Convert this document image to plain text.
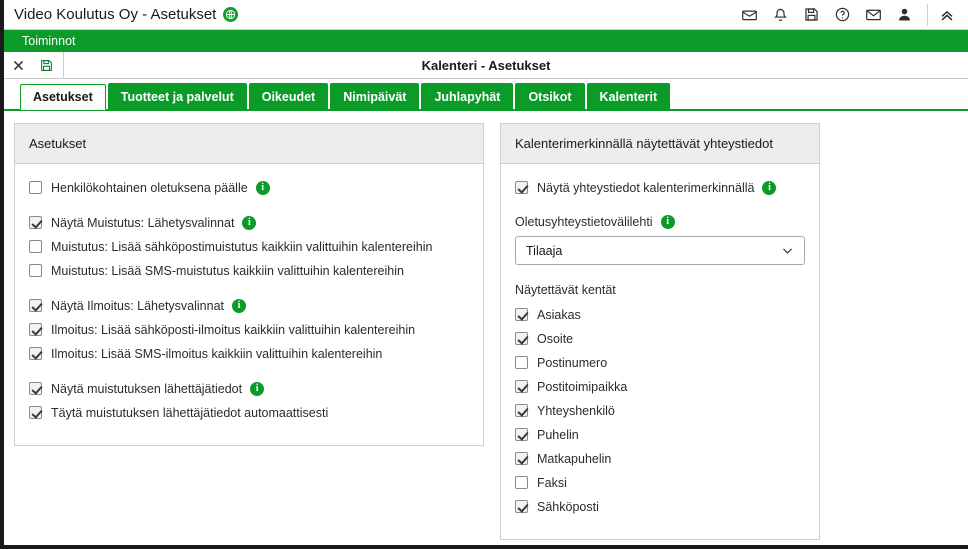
Video Koulutus Oy - Asetukset
Toiminnot
Kalenteri - Asetukset
Asetukset	Tuotteet ja palvelut	Oikeudet	Nimipäivät	Juhlapyhät	Otsikot	Kalenterit
Asetukset
Henkilökohtainen oletuksena päälle	i
Näytä Muistutus: Lähetysvalinnat	i
Muistutus: Lisää sähköpostimuistutus kaikkiin valittuihin kalentereihin
Muistutus: Lisää SMS-muistutus kaikkiin valittuihin kalentereihin
Näytä Ilmoitus: Lähetysvalinnat	i
Ilmoitus: Lisää sähköposti-ilmoitus kaikkiin valittuihin kalentereihin
Ilmoitus: Lisää SMS-ilmoitus kaikkiin valittuihin kalentereihin
Näytä muistutuksen lähettäjätiedot	i
Täytä muistutuksen lähettäjätiedot automaattisesti
Kalenterimerkinnällä näytettävät yhteystiedot
Näytä yhteystiedot kalenterimerkinnällä	i
Oletusyhteystietovälilehti	i
Tilaaja
Näytettävät kentät
Asiakas
Osoite
Postinumero
Postitoimipaikka
Yhteyshenkilö
Puhelin
Matkapuhelin
Faksi
Sähköposti
